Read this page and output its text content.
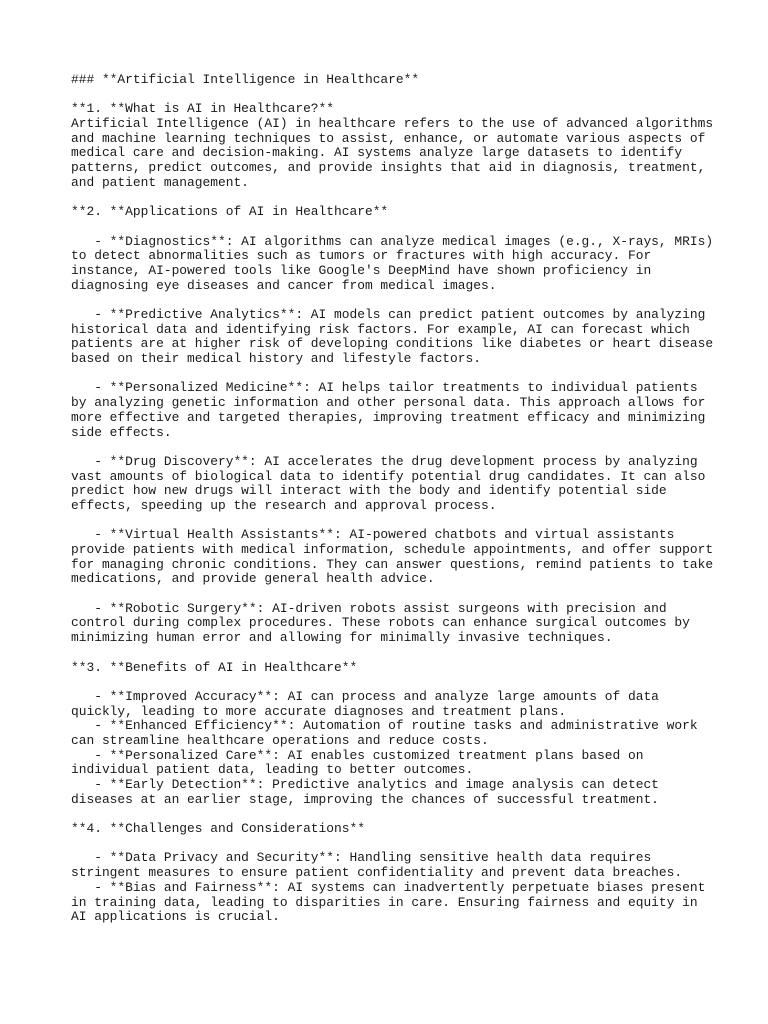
### **Artificial Intelligence in Healthcare**
**1. **What is AI in Healthcare?**
Artificial Intelligence (AI) in healthcare refers to the use of advanced algorithms
and machine learning techniques to assist, enhance, or automate various aspects of
medical care and decision-making. AI systems analyze large datasets to identify
patterns, predict outcomes, and provide insights that aid in diagnosis, treatment,
and patient management.
**2. **Applications of AI in Healthcare**
- **Diagnostics**: AI algorithms can analyze medical images (e.g., X-rays, MRIs)
to detect abnormalities such as tumors or fractures with high accuracy. For
instance, AI-powered tools like Google's DeepMind have shown proficiency in
diagnosing eye diseases and cancer from medical images.
- **Predictive Analytics**: AI models can predict patient outcomes by analyzing
historical data and identifying risk factors. For example, AI can forecast which
patients are at higher risk of developing conditions like diabetes or heart disease
based on their medical history and lifestyle factors.
- **Personalized Medicine**: AI helps tailor treatments to individual patients
by analyzing genetic information and other personal data. This approach allows for
more effective and targeted therapies, improving treatment efficacy and minimizing
side effects.
- **Drug Discovery**: AI accelerates the drug development process by analyzing
vast amounts of biological data to identify potential drug candidates. It can also
predict how new drugs will interact with the body and identify potential side
effects, speeding up the research and approval process.
- **Virtual Health Assistants**: AI-powered chatbots and virtual assistants
provide patients with medical information, schedule appointments, and offer support
for managing chronic conditions. They can answer questions, remind patients to take
medications, and provide general health advice.
- **Robotic Surgery**: AI-driven robots assist surgeons with precision and
control during complex procedures. These robots can enhance surgical outcomes by
minimizing human error and allowing for minimally invasive techniques.
**3. **Benefits of AI in Healthcare**
- **Improved Accuracy**: AI can process and analyze large amounts of data
quickly, leading to more accurate diagnoses and treatment plans.
- **Enhanced Efficiency**: Automation of routine tasks and administrative work
can streamline healthcare operations and reduce costs.
- **Personalized Care**: AI enables customized treatment plans based on
individual patient data, leading to better outcomes.
- **Early Detection**: Predictive analytics and image analysis can detect
diseases at an earlier stage, improving the chances of successful treatment.
**4. **Challenges and Considerations**
- **Data Privacy and Security**: Handling sensitive health data requires
stringent measures to ensure patient confidentiality and prevent data breaches.
- **Bias and Fairness**: AI systems can inadvertently perpetuate biases present
in training data, leading to disparities in care. Ensuring fairness and equity in
AI applications is crucial.
